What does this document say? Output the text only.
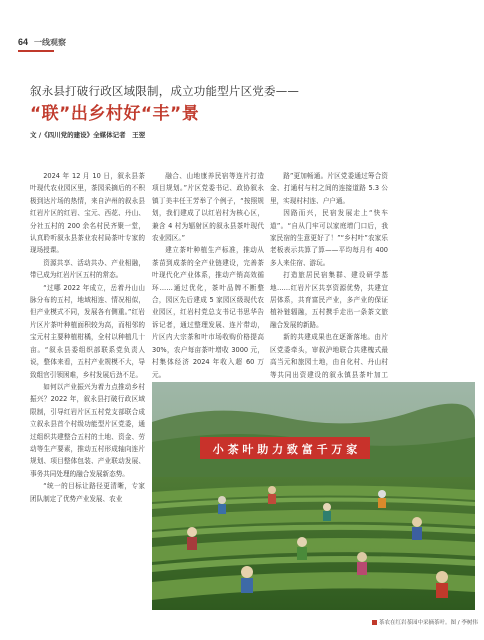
64 一线观察
叙永县打破行政区域限制，成立功能型片区党委——
“联”出乡村好“丰”景
文 /《四川党的建设》全媒体记者　王翌

2024 年 12 月 10 日，叙永县茶叶现代农业园区里，茶园采摘后的不积极到达片场的热情，来自泸州的叙永县红岩片区的红岩、宝元、西花、丹山、分社五村的 200 余名村民齐聚一堂，认真聆听叙永县茶业农村局茶叶专家的现场授课。

资源共享、活动共办、产业相融，带已成为红岩片区五村的常态。

“过哪 2022 年成立，岳着丹山山脉分布的五村，地域相连、情况相似，但产业模式不同，发展各有侧重。”红岩片区片茶叶种植面积较为高，而相邻的宝元村主要种植柑橘，全村以种植几十亩。“叙永县委组织部联系党负责人说，整体来看，五村产业规模不大，导致组官引领困难，乡村发展后劲不足。

如何以产业振兴为着力点推动乡村振兴？2022 年，叙永县打破行政区域限制，引导红岩片区五村党支部联合成立叙永县首个村级功能型片区党委，通过组织共建整合五村的土地、资金、劳动等生产要素，推动五村形成轴向连片规划、项目整体包装、产业联动发展、事务共同处理的融合发展新态势。

“统一的目标让路径更清晰，专家团队制定了优势产业发展、农业

融合、山地康养民宿等连片打造项目规划。”片区党委书记、政协叙永镇丁美丰任王芳举了个例子，“按照规划，我们建成了以红岩村为核心区，兼含 4 村为辐射区的叙永县茶叶现代农业园区。”

建立茶叶种植生产标准，推动从茶苗到成茶的全产业链建设，完善茶叶现代化产业体系，推动产销高效循环……通过优化，茶叶品牌不断整合，园区先后建成 5 家园区级现代农业园区，红岩村党总支书记书思华告诉记者，通过整理发展、连片带动，片区内大宗茶和叶市场收购价格提高 30%，农户每亩茶叶增收 3000 元，村集体经济 2024 年收入超 60 万元。

路”更加畅通。片区党委通过筹合资金、打通村与村之间的连接道路 5.3 公里，实现村村连、户户通。

因路而兴，民宿发展走上“快车道”。“自从门牢可以家庭增门口后，我家民宿的生意更好了！”“乡村叶”农家乐老板表示共算了算——平均每月有 400 多人来住宿、游玩。

打造旅居民宿集群、建设研学基地……红岩片区共享资源优势，共建宜居体系，共育富民产业，多产业的保证植补链辐融，五村携手走出一条茶文旅融合发展的新路。

新的共建成果也在逐渐落地。由片区党委牵头，审叙泸地联合共建槐式最高当元和旅园土地，由自化村、丹山村等共同出资建设的叙永镇县茶叶加工

小 茶 叶 助 力 致 富 千 万 家
茶农在红岩茶园中采摘茶叶。图 / 李树伟
